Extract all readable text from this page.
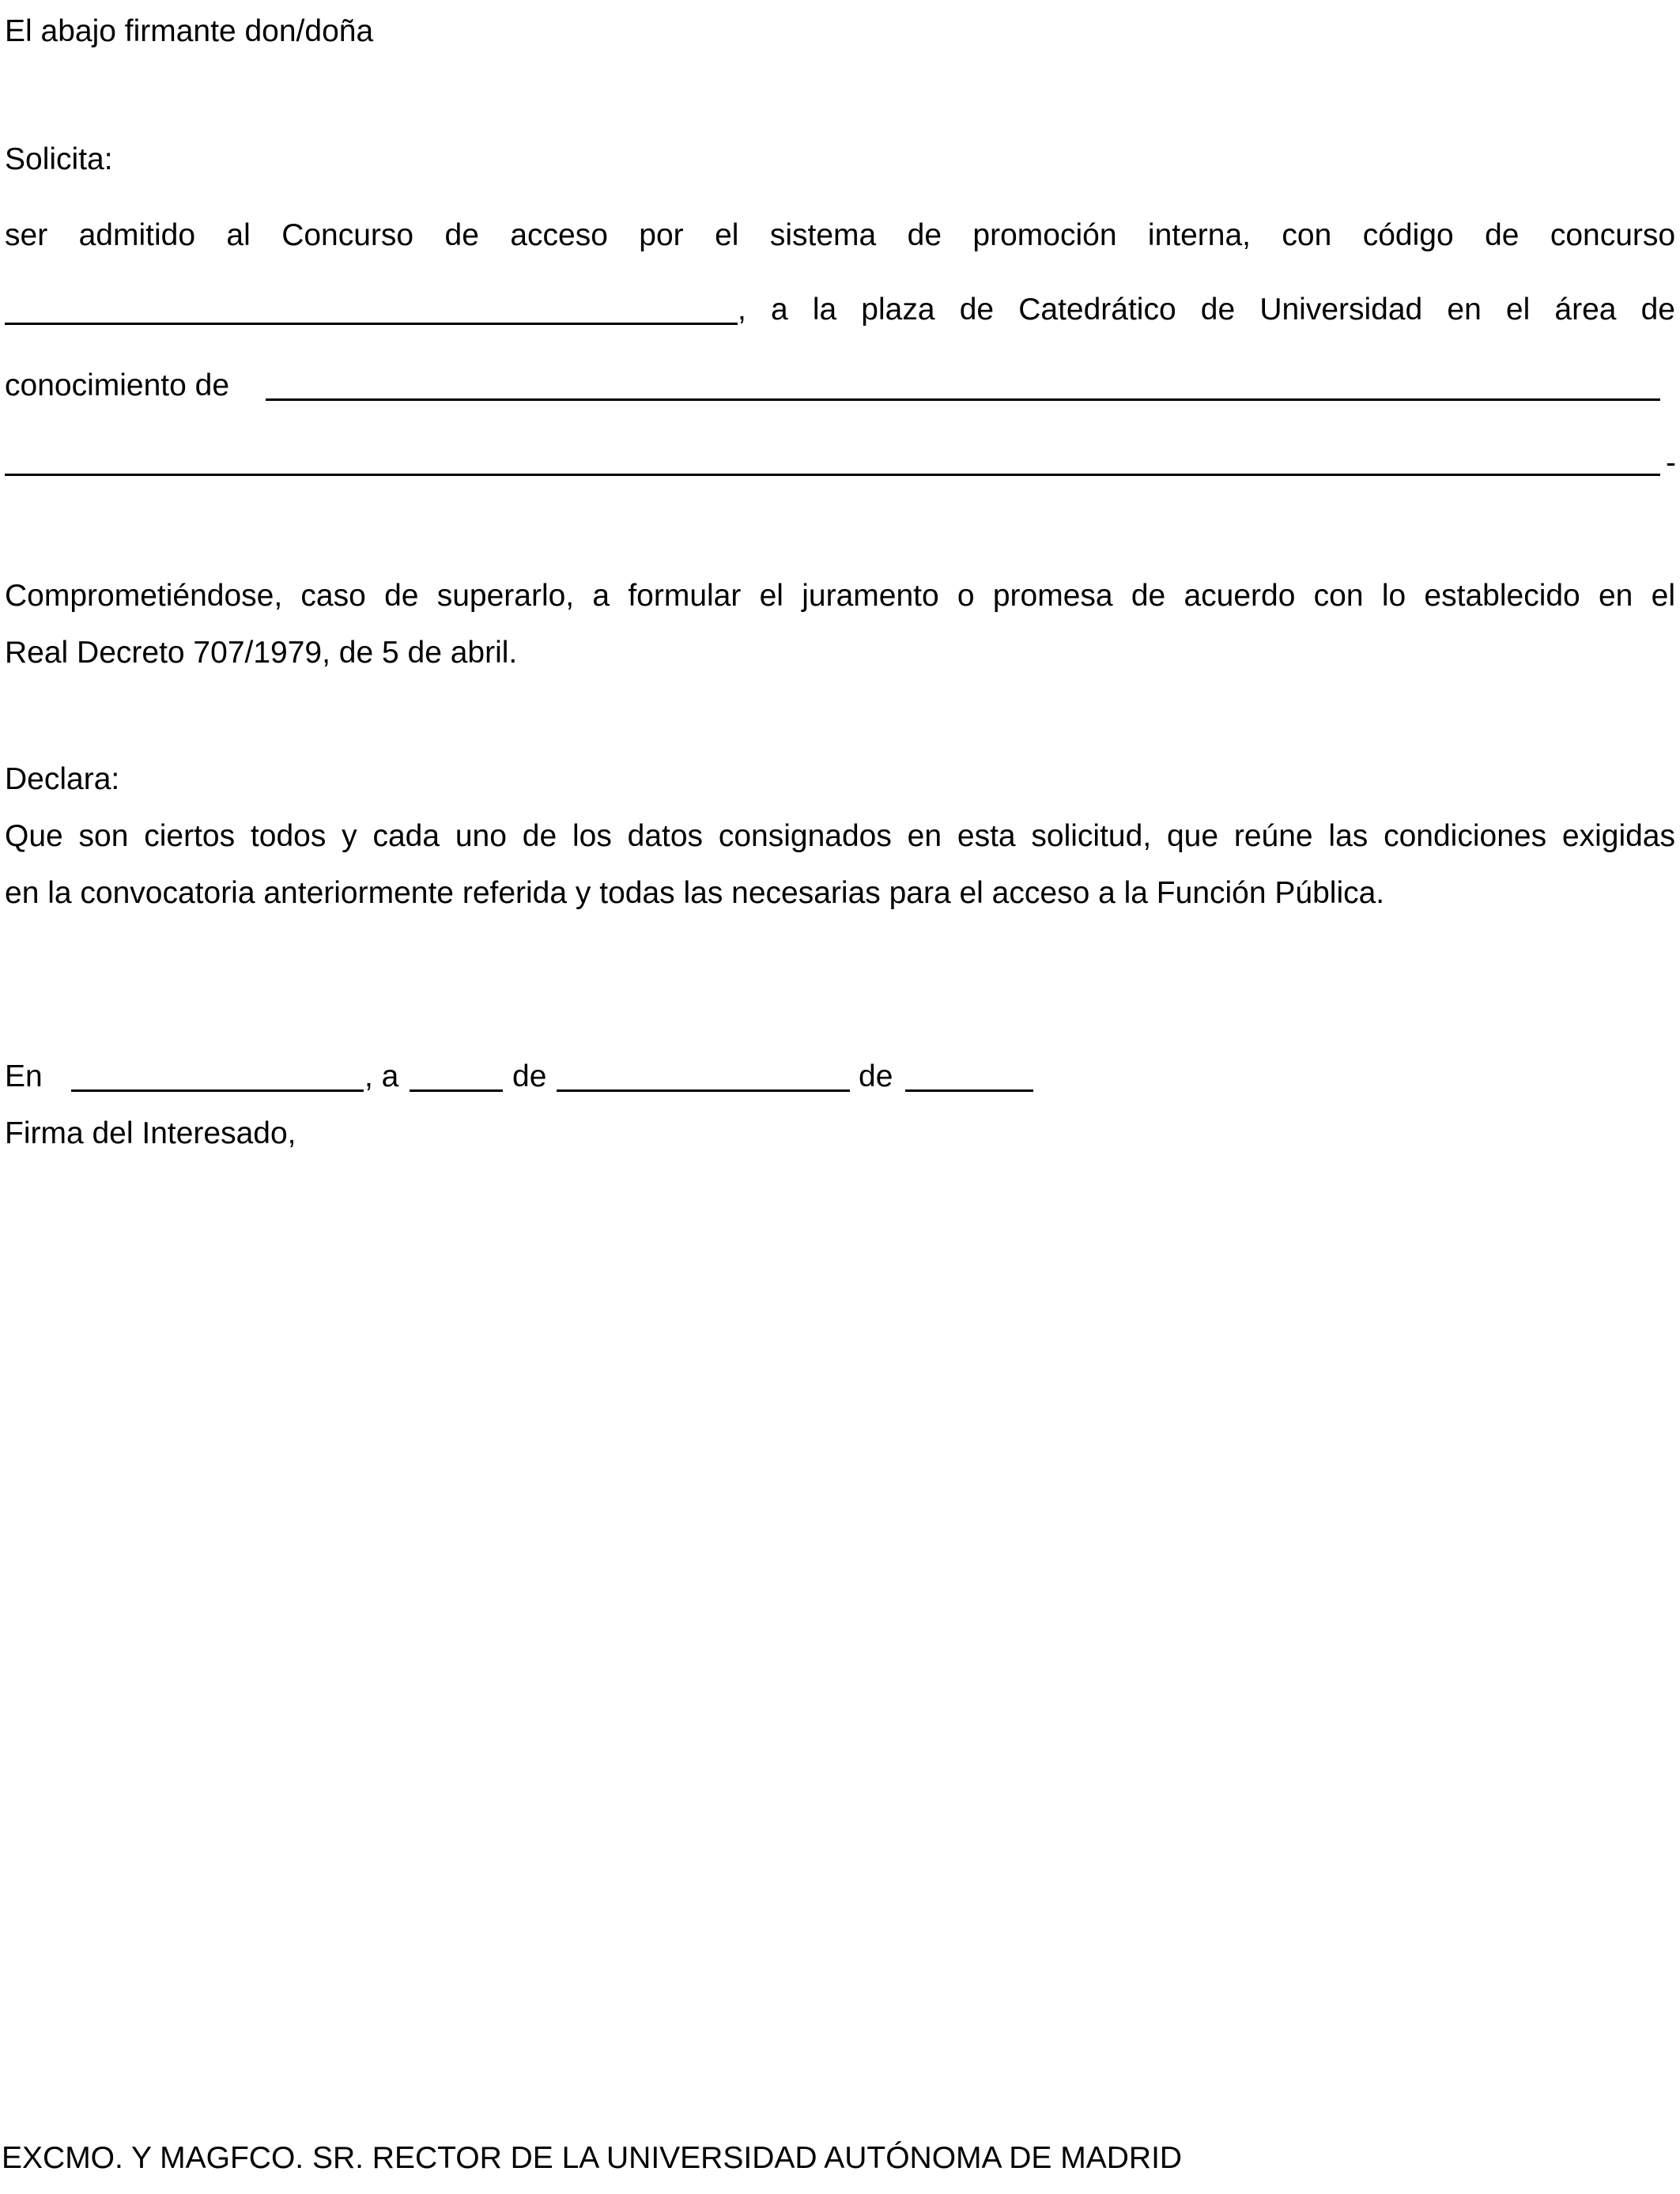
El abajo firmante don/doña
Solicita:
ser admitido al Concurso de acceso por el sistema de promoción interna, con código de concurso
, a la plaza de Catedrático de Universidad en el área de
conocimiento de
-
Comprometiéndose, caso de superarlo, a formular el juramento o promesa de acuerdo con lo establecido en el
Real Decreto 707/1979, de 5 de abril.
Declara:
Que son ciertos todos y cada uno de los datos consignados en esta solicitud, que reúne las condiciones exigidas
en la convocatoria anteriormente referida y todas las necesarias para el acceso a la Función Pública.
En	, a	de	de
Firma del Interesado,
EXCMO. Y MAGFCO. SR. RECTOR DE LA UNIVERSIDAD AUTÓNOMA DE MADRID
